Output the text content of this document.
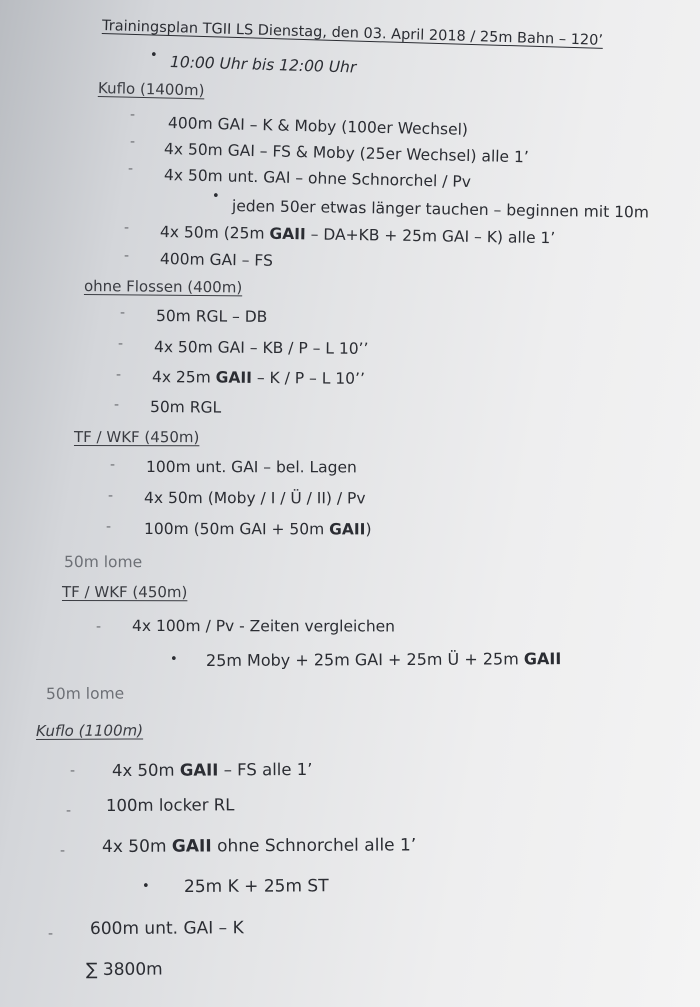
Trainingsplan TGII LS Dienstag, den 03. April 2018 / 25m Bahn – 120’
• 10:00 Uhr bis 12:00 Uhr
Kuflo (1400m)
- 400m GAI – K & Moby (100er Wechsel)
- 4x 50m GAI – FS & Moby (25er Wechsel) alle 1’
- 4x 50m unt. GAI – ohne Schnorchel / Pv
•
jeden 50er etwas länger tauchen – beginnen mit 10m
- 4x 50m (25m GAII – DA+KB + 25m GAI – K) alle 1’
- 400m GAI – FS
ohne Flossen (400m)
- 50m RGL – DB
- 4x 50m GAI – KB / P – L 10’’
- 4x 25m GAII – K / P – L 10’’
- 50m RGL
TF / WKF (450m)
- 100m unt. GAI – bel. Lagen
- 4x 50m (Moby / I / Ü / II) / Pv
- 100m (50m GAI + 50m GAII)
50m lome
TF / WKF (450m)
- 4x 100m / Pv - Zeiten vergleichen
• 25m Moby + 25m GAI + 25m Ü + 25m GAII
50m lome
Kuflo (1100m)
- 4x 50m GAII – FS alle 1’
- 100m locker RL
- 4x 50m GAII ohne Schnorchel alle 1’
• 25m K + 25m ST
- 600m unt. GAI – K
∑ 3800m
